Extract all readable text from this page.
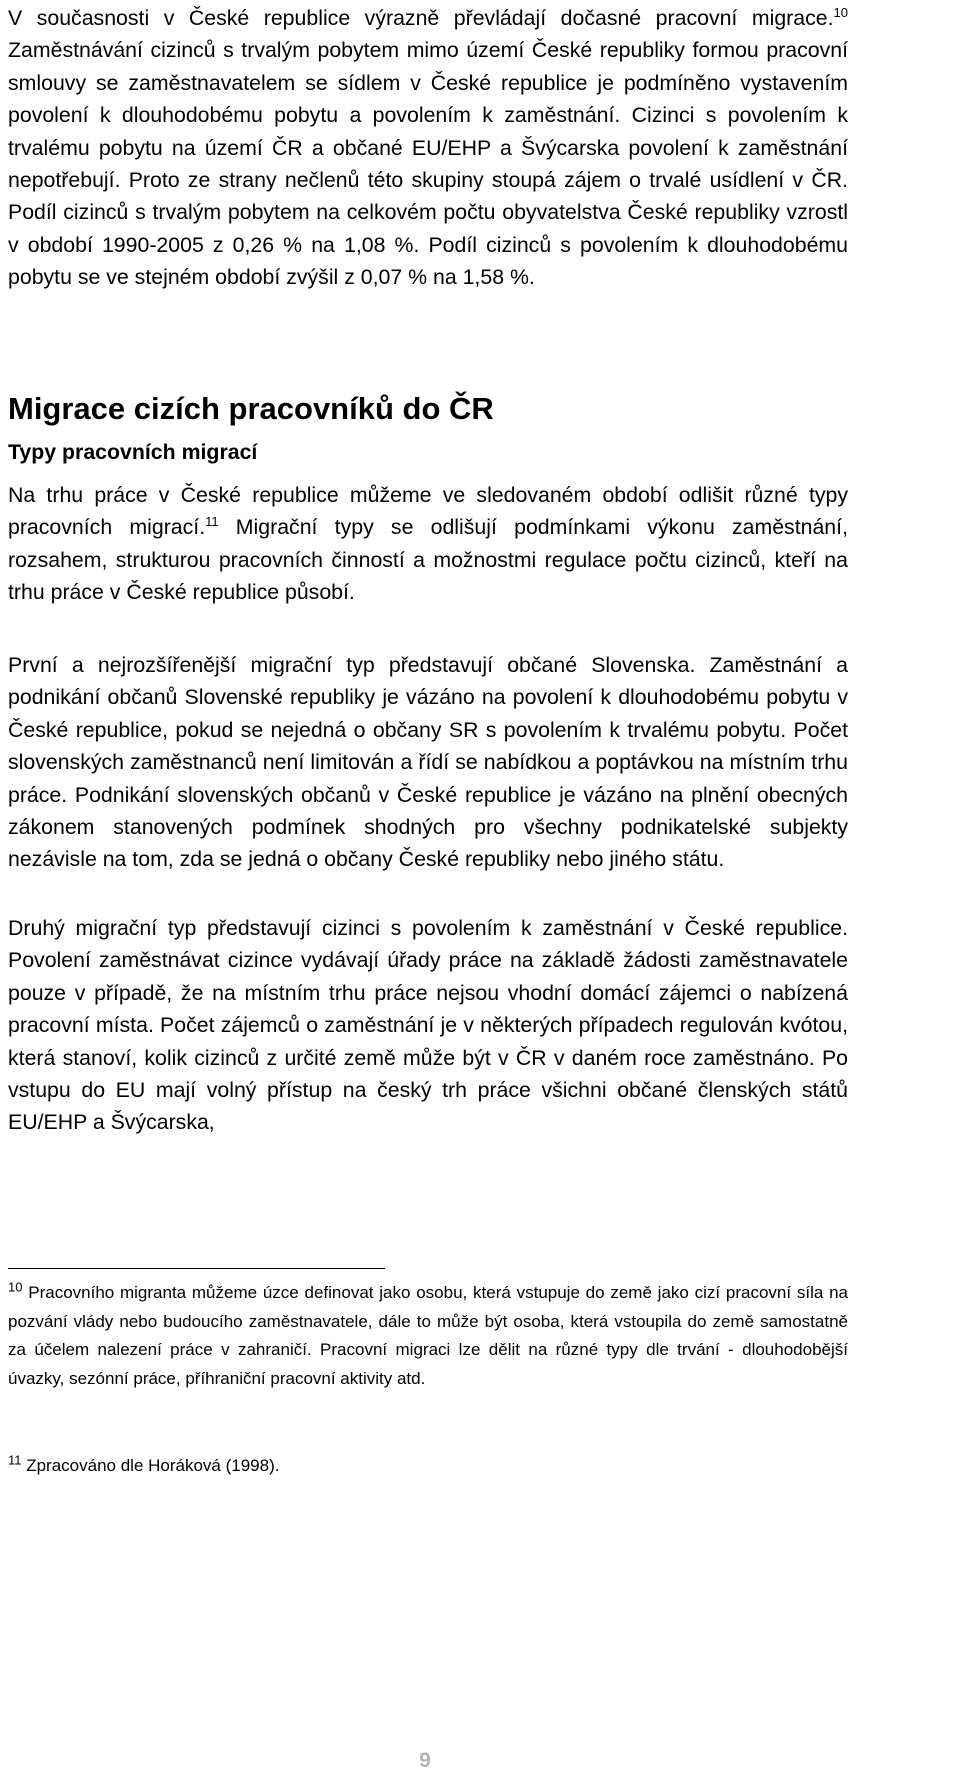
V současnosti v České republice výrazně převládají dočasné pracovní migrace.$^{10}$ Zaměstnávání cizinců s trvalým pobytem mimo území České republiky formou pracovní smlouvy se zaměstnavatelem se sídlem v České republice je podmíněno vystavením povolení k dlouhodobému pobytu a povolením k zaměstnání. Cizinci s povolením k trvalému pobytu na území ČR a občané EU/EHP a Švýcarska povolení k zaměstnání nepotřebují. Proto ze strany nečlenů této skupiny stoupá zájem o trvalé usídlení v ČR. Podíl cizinců s trvalým pobytem na celkovém počtu obyvatelstva České republiky vzrostl v období 1990-2005 z 0,26 % na 1,08 %. Podíl cizinců s povolením k dlouhodobému pobytu se ve stejném období zvýšil z 0,07 % na 1,58 %.

Migrace cizích pracovníků do ČR
Typy pracovních migrací

Na trhu práce v České republice můžeme ve sledovaném období odlišit různé typy pracovních migrací.$^{11}$ Migrační typy se odlišují podmínkami výkonu zaměstnání, rozsahem, strukturou pracovních činností a možnostmi regulace počtu cizinců, kteří na trhu práce v České republice působí.

První a nejrozšířenější migrační typ představují občané Slovenska. Zaměstnání a podnikání občanů Slovenské republiky je vázáno na povolení k dlouhodobému pobytu v České republice, pokud se nejedná o občany SR s povolením k trvalému pobytu. Počet slovenských zaměstnanců není limitován a řídí se nabídkou a poptávkou na místním trhu práce. Podnikání slovenských občanů v České republice je vázáno na plnění obecných zákonem stanovených podmínek shodných pro všechny podnikatelské subjekty nezávisle na tom, zda se jedná o občany České republiky nebo jiného státu.

Druhý migrační typ představují cizinci s povolením k zaměstnání v České republice. Povolení zaměstnávat cizince vydávají úřady práce na základě žádosti zaměstnavatele pouze v případě, že na místním trhu práce nejsou vhodní domácí zájemci o nabízená pracovní místa. Počet zájemců o zaměstnání je v některých případech regulován kvótou, která stanoví, kolik cizinců z určité země může být v ČR v daném roce zaměstnáno. Po vstupu do EU mají volný přístup na český trh práce všichni občané členských států EU/EHP a Švýcarska,

$^{10}$ Pracovního migranta můžeme úzce definovat jako osobu, která vstupuje do země jako cizí pracovní síla na pozvání vlády nebo budoucího zaměstnavatele, dále to může být osoba, která vstoupila do země samostatně za účelem nalezení práce v zahraničí. Pracovní migraci lze dělit na různé typy dle trvání - dlouhodobější úvazky, sezónní práce, příhraniční pracovní aktivity atd.

$^{11}$ Zpracováno dle Horáková (1998).

9
